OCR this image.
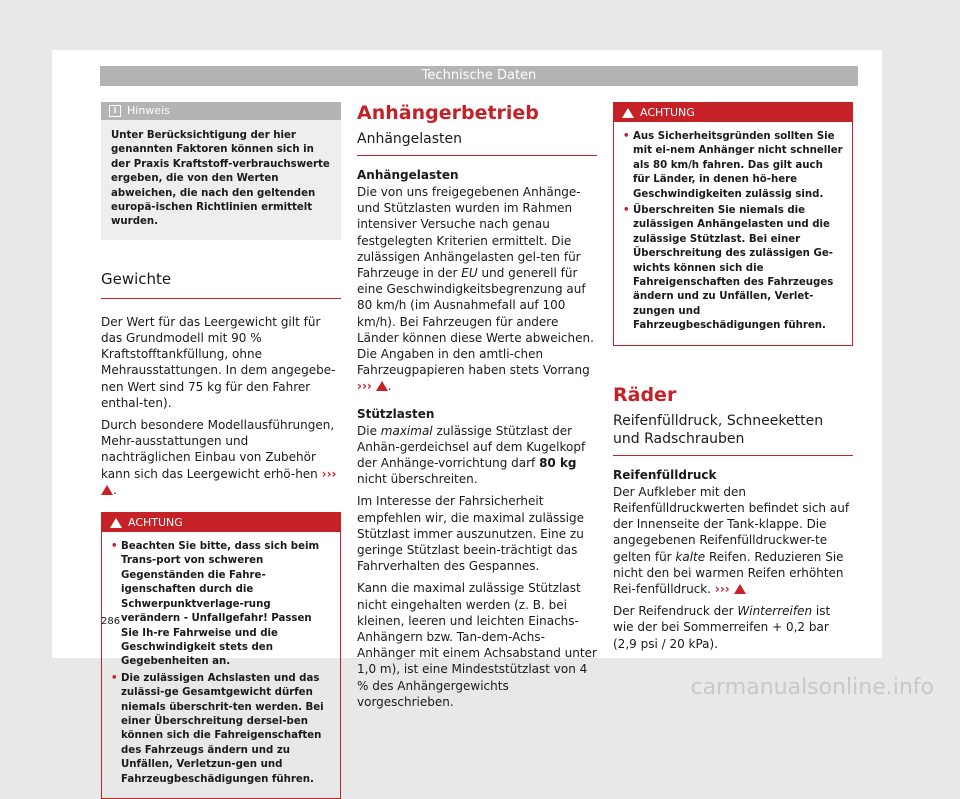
Technische Daten
i Hinweis
Unter Berücksichtigung der hier genannten Faktoren können sich in der Praxis Kraftstoff-verbrauchswerte ergeben, die von den Werten abweichen, die nach den geltenden europä-ischen Richtlinien ermittelt wurden.
Gewichte

Der Wert für das Leergewicht gilt für das Grundmodell mit 90 % Kraftstofftankfüllung, ohne Mehrausstattungen. In dem angegebe-nen Wert sind 75 kg für den Fahrer enthal-ten).

Durch besondere Modellausführungen, Mehr-ausstattungen und nachträglichen Einbau von Zubehör kann sich das Leergewicht erhö-hen ››› .

ACHTUNG
• Beachten Sie bitte, dass sich beim Trans-port von schweren Gegenständen die Fahre-igenschaften durch die Schwerpunktverlage-rung verändern - Unfallgefahr! Passen Sie Ih-re Fahrweise und die Geschwindigkeit stets den Gegebenheiten an.
• Die zulässigen Achslasten und das zulässi-ge Gesamtgewicht dürfen niemals überschrit-ten werden. Bei einer Überschreitung dersel-ben können sich die Fahreigenschaften des Fahrzeugs ändern und zu Unfällen, Verletzun-gen und Fahrzeugbeschädigungen führen.
Anhängerbetrieb
Anhängelasten
Anhängelasten

Die von uns freigegebenen Anhänge- und Stützlasten wurden im Rahmen intensiver Versuche nach genau festgelegten Kriterien ermittelt. Die zulässigen Anhängelasten gel-ten für Fahrzeuge in der EU und generell für eine Geschwindigkeitsbegrenzung auf 80 km/h (im Ausnahmefall auf 100 km/h). Bei Fahrzeugen für andere Länder können diese Werte abweichen. Die Angaben in den amtli-chen Fahrzeugpapieren haben stets Vorrang
››› .

Stützlasten

Die maximal zulässige Stützlast der Anhän-gerdeichsel auf dem Kugelkopf der Anhänge-vorrichtung darf 80 kg nicht überschreiten.

Im Interesse der Fahrsicherheit empfehlen wir, die maximal zulässige Stützlast immer auszunutzen. Eine zu geringe Stützlast beein-trächtigt das Fahrverhalten des Gespannes.

Kann die maximal zulässige Stützlast nicht eingehalten werden (z. B. bei kleinen, leeren und leichten Einachs-Anhängern bzw. Tan-dem-Achs-Anhänger mit einem Achsabstand unter 1,0 m), ist eine Mindeststützlast von 4 % des Anhängergewichts vorgeschrieben.

ACHTUNG
• Aus Sicherheitsgründen sollten Sie mit ei-nem Anhänger nicht schneller als 80 km/h fahren. Das gilt auch für Länder, in denen hö-here Geschwindigkeiten zulässig sind.
• Überschreiten Sie niemals die zulässigen Anhängelasten und die zulässige Stützlast. Bei einer Überschreitung des zulässigen Ge-wichts können sich die Fahreigenschaften des Fahrzeuges ändern und zu Unfällen, Verlet-zungen und Fahrzeugbeschädigungen führen.
Räder
Reifenfülldruck, Schneeketten und Radschrauben
Reifenfülldruck

Der Aufkleber mit den Reifenfülldruckwerten befindet sich auf der Innenseite der Tank-klappe. Die angegebenen Reifenfülldruckwer-te gelten für kalte Reifen. Reduzieren Sie nicht den bei warmen Reifen erhöhten Rei-fenfülldruck. ›››

Der Reifendruck der Winterreifen ist wie der bei Sommerreifen + 0,2 bar (2,9 psi / 20 kPa).

286
carmanualsonline.info
